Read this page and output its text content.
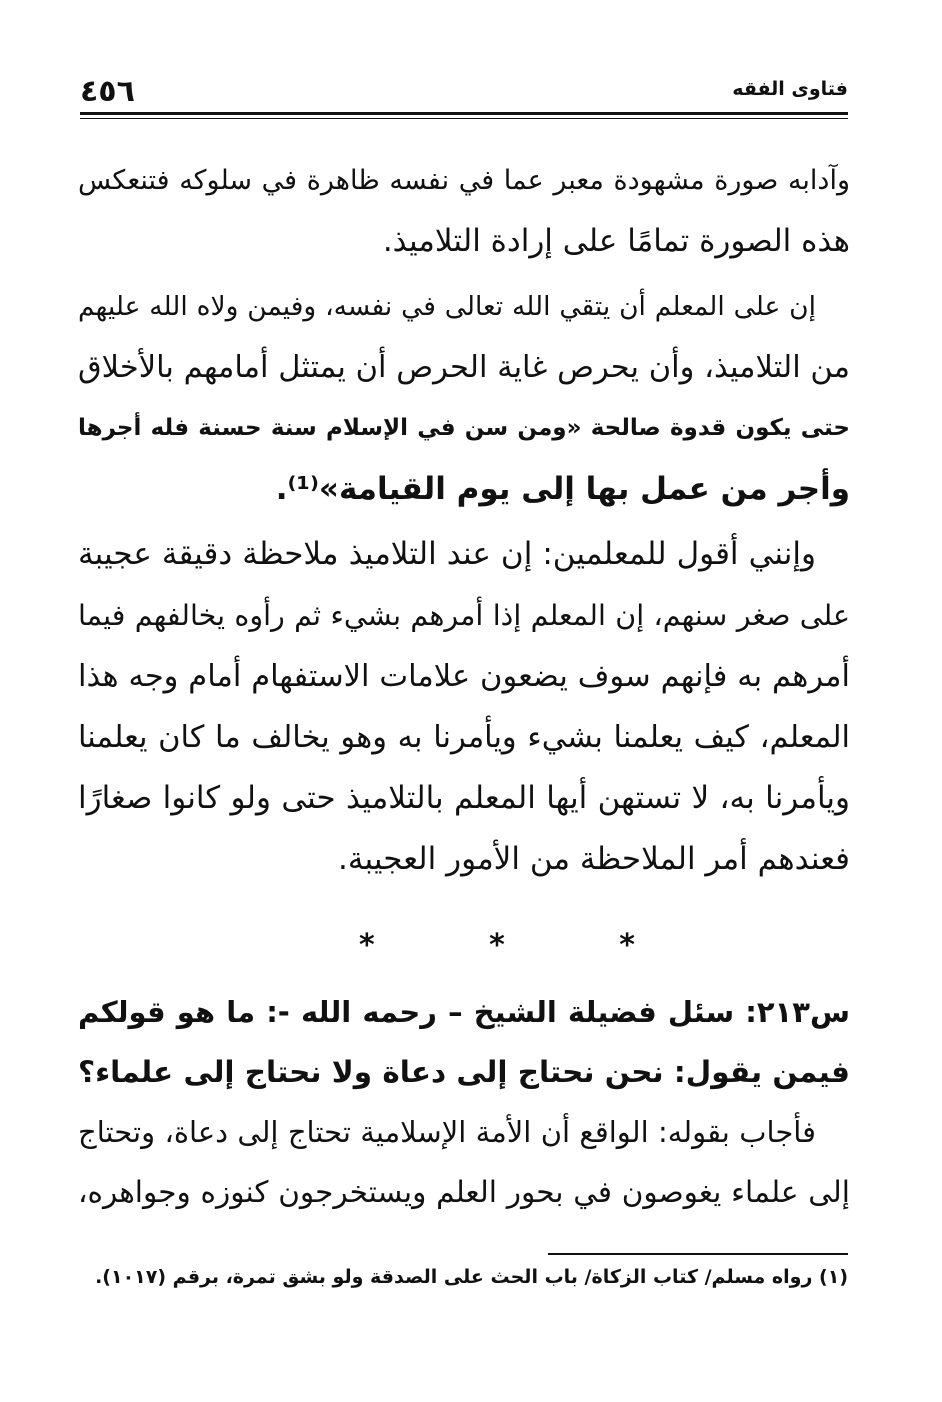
٤٥٦	فتاوى الفقه
وآدابه صورة مشهودة معبر عما في نفسه ظاهرة في سلوكه فتنعكس
هذه الصورة تمامًا على إرادة التلاميذ.
إن على المعلم أن يتقي الله تعالى في نفسه، وفيمن ولاه الله عليهم
من التلاميذ، وأن يحرص غاية الحرص أن يمتثل أمامهم بالأخلاق
حتى يكون قدوة صالحة «ومن سن في الإسلام سنة حسنة فله أجرها
وأجر من عمل بها إلى يوم القيامة»⁽¹⁾.
وإنني أقول للمعلمين: إن عند التلاميذ ملاحظة دقيقة عجيبة
على صغر سنهم، إن المعلم إذا أمرهم بشيء ثم رأوه يخالفهم فيما
أمرهم به فإنهم سوف يضعون علامات الاستفهام أمام وجه هذا
المعلم، كيف يعلمنا بشيء ويأمرنا به وهو يخالف ما كان يعلمنا
ويأمرنا به، لا تستهن أيها المعلم بالتلاميذ حتى ولو كانوا صغارًا
فعندهم أمر الملاحظة من الأمور العجيبة.
* * *
س٢١٣: سئل فضيلة الشيخ – رحمه الله -: ما هو قولكم
فيمن يقول: نحن نحتاج إلى دعاة ولا نحتاج إلى علماء؟
فأجاب بقوله: الواقع أن الأمة الإسلامية تحتاج إلى دعاة، وتحتاج
إلى علماء يغوصون في بحور العلم ويستخرجون كنوزه وجواهره،
(١) رواه مسلم/ كتاب الزكاة/ باب الحث على الصدقة ولو بشق تمرة، برقم (١٠١٧).
